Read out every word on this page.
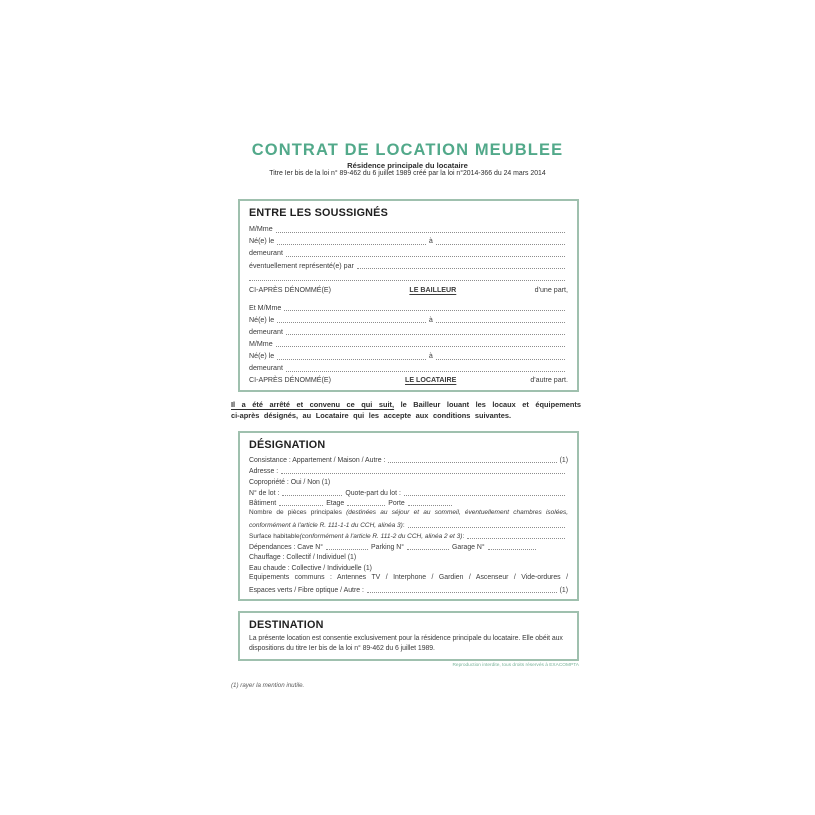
CONTRAT DE LOCATION MEUBLEE
Résidence principale du locataire
Titre Ier bis de la loi n° 89-462 du 6 juillet 1989 créé par la loi n°2014-366 du 24 mars 2014
ENTRE LES SOUSSIGNÉS
M/Mme
Né(e) le	à
demeurant
éventuellement représenté(e) par
CI-APRÈS DÉNOMMÉ(E)	LE BAILLEUR	d'une part,
Et M/Mme
Né(e) le	à
demeurant
M/Mme
Né(e) le	à
demeurant
CI-APRÈS DÉNOMMÉ(E)	LE LOCATAIRE	d'autre part.
Il a été arrêté et convenu ce qui suit, le Bailleur louant les locaux et équipements
ci-après désignés, au Locataire qui les accepte aux conditions suivantes.
DÉSIGNATION
Consistance : Appartement / Maison / Autre :	(1)
Adresse :
Copropriété : Oui / Non (1)
N° de lot :	Quote-part du lot :
Bâtiment	Etage	Porte
Nombre de pièces principales (destinées au séjour et au sommeil, éventuellement chambres isolées,
conformément à l'article R. 111-1-1 du CCH, alinéa 3) :
Surface habitable (conformément à l'article R. 111-2 du CCH, alinéa 2 et 3) :
Dépendances : Cave N°	Parking N°	Garage N°
Chauffage : Collectif / Individuel (1)
Eau chaude : Collective / Individuelle (1)
Equipements communs : Antennes TV / Interphone / Gardien / Ascenseur / Vide-ordures /
Espaces verts / Fibre optique / Autre :	(1)
DESTINATION
La présente location est consentie exclusivement pour la résidence principale du locataire. Elle obéit aux dispositions du titre Ier bis de la loi n° 89-462 du 6 juillet 1989.
Reproduction interdite, tous droits réservés à EXACOMPTA
(1) rayer la mention inutile.
